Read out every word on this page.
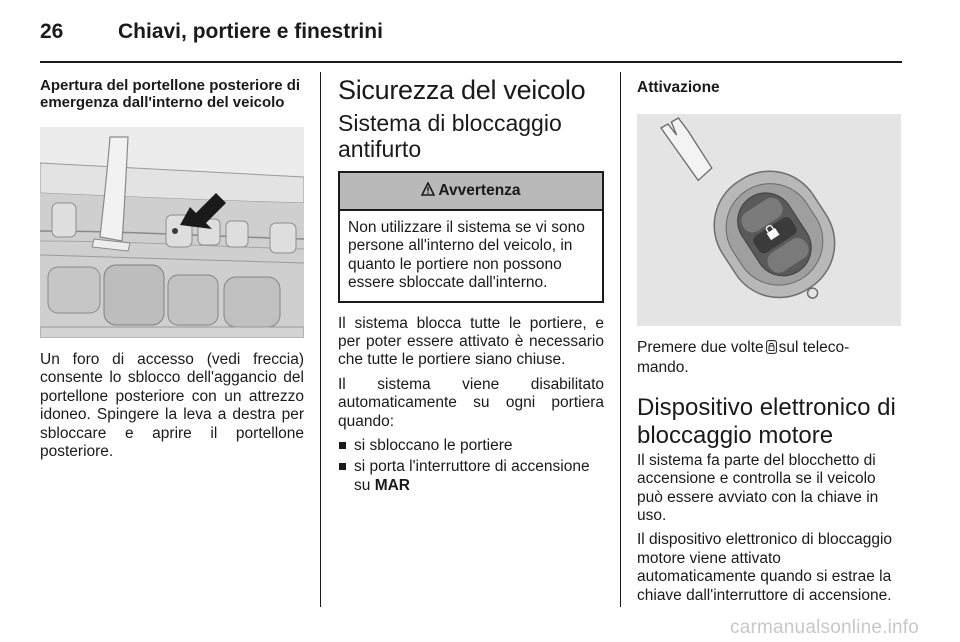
26	Chiavi, portiere e finestrini

Apertura del portellone posteriore di
emergenza dall'interno del veicolo

Un foro di accesso (vedi freccia) consente lo sblocco dell'aggancio del portellone posteriore con un attrezzo idoneo. Spingere la leva a destra per sbloccare e aprire il portellone posteriore.

Sicurezza del veicolo
Sistema di bloccaggio
antifurto
Avvertenza
Non utilizzare il sistema se vi sono persone all'interno del veicolo, in quanto le portiere non possono essere sbloccate dall'interno.

Il sistema blocca tutte le portiere, e per poter essere attivato è necessario che tutte le portiere siano chiuse.

Il sistema viene disabilitato automaticamente su ogni portiera quando:

si sbloccano le portiere
si porta l'interruttore di accensione su MAR
Attivazione

Premere due volte sul teleco-
mando.

Dispositivo elettronico di
bloccaggio motore

Il sistema fa parte del blocchetto di accensione e controlla se il veicolo può essere avviato con la chiave in uso.

Il dispositivo elettronico di bloccaggio motore viene attivato automaticamente quando si estrae la chiave dall'interruttore di accensione.

carmanualsonline.info
